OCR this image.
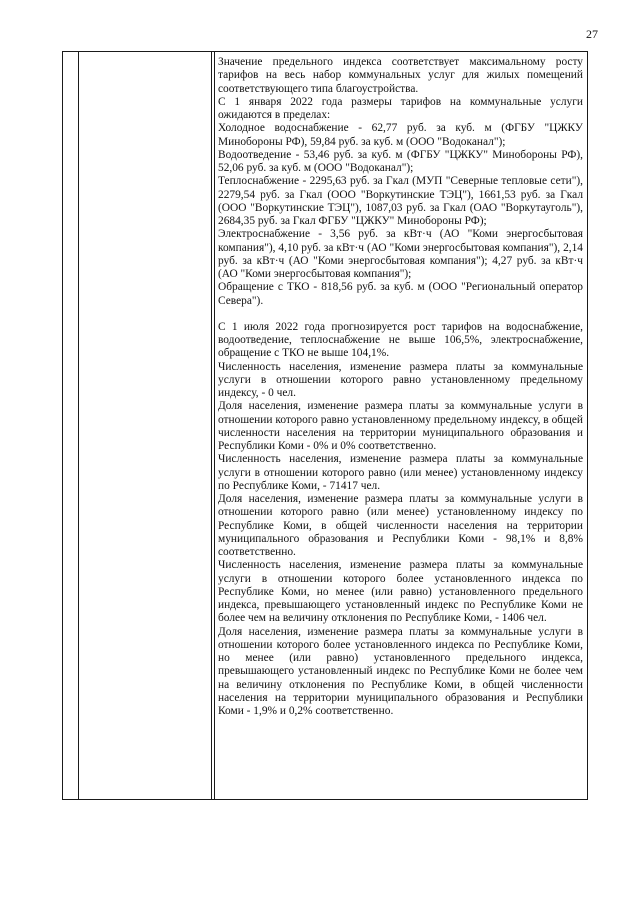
27

Значение предельного индекса соответствует максимальному росту тарифов на весь набор коммунальных услуг для жилых помещений соответствующего типа благоустройства.

С 1 января 2022 года размеры тарифов на коммунальные услуги ожидаются в пределах:

Холодное водоснабжение - 62,77 руб. за куб. м (ФГБУ "ЦЖКУ Минобороны РФ), 59,84 руб. за куб. м (ООО "Водоканал");

Водоотведение - 53,46 руб. за куб. м (ФГБУ "ЦЖКУ" Минобороны РФ), 52,06 руб. за куб. м (ООО "Водоканал");

Теплоснабжение - 2295,63 руб. за Гкал (МУП "Северные тепловые сети"), 2279,54 руб. за Гкал (ООО "Воркутинские ТЭЦ"), 1661,53 руб. за Гкал (ООО "Воркутинские ТЭЦ"), 1087,03 руб. за Гкал (ОАО "Воркутауголь"), 2684,35 руб. за Гкал ФГБУ "ЦЖКУ" Минобороны РФ);

Электроснабжение - 3,56 руб. за кВт·ч (АО "Коми энергосбытовая компания"), 4,10 руб. за кВт·ч (АО "Коми энергосбытовая компания"), 2,14 руб. за кВт·ч (АО "Коми энергосбытовая компания"); 4,27 руб. за кВт·ч (АО "Коми энергосбытовая компания");

Обращение с ТКО - 818,56 руб. за куб. м (ООО "Региональный оператор Севера").

С 1 июля 2022 года прогнозируется рост тарифов на водоснабжение, водоотведение, теплоснабжение не выше 106,5%, электроснабжение, обращение с ТКО не выше 104,1%.

Численность населения, изменение размера платы за коммунальные услуги в отношении которого равно установленному предельному индексу, - 0 чел.

Доля населения, изменение размера платы за коммунальные услуги в отношении которого равно установленному предельному индексу, в общей численности населения на территории муниципального образования и Республики Коми - 0% и 0% соответственно.

Численность населения, изменение размера платы за коммунальные услуги в отношении которого равно (или менее) установленному индексу по Республике Коми, - 71417 чел.

Доля населения, изменение размера платы за коммунальные услуги в отношении которого равно (или менее) установленному индексу по Республике Коми, в общей численности населения на территории муниципального образования и Республики Коми - 98,1% и 8,8% соответственно.

Численность населения, изменение размера платы за коммунальные услуги в отношении которого более установленного индекса по Республике Коми, но менее (или равно) установленного предельного индекса, превышающего установленный индекс по Республике Коми не более чем на величину отклонения по Республике Коми, - 1406 чел.

Доля населения, изменение размера платы за коммунальные услуги в отношении которого более установленного индекса по Республике Коми, но менее (или равно) установленного предельного индекса, превышающего установленный индекс по Республике Коми не более чем на величину отклонения по Республике Коми, в общей численности населения на территории муниципального образования и Республики Коми - 1,9% и 0,2% соответственно.
